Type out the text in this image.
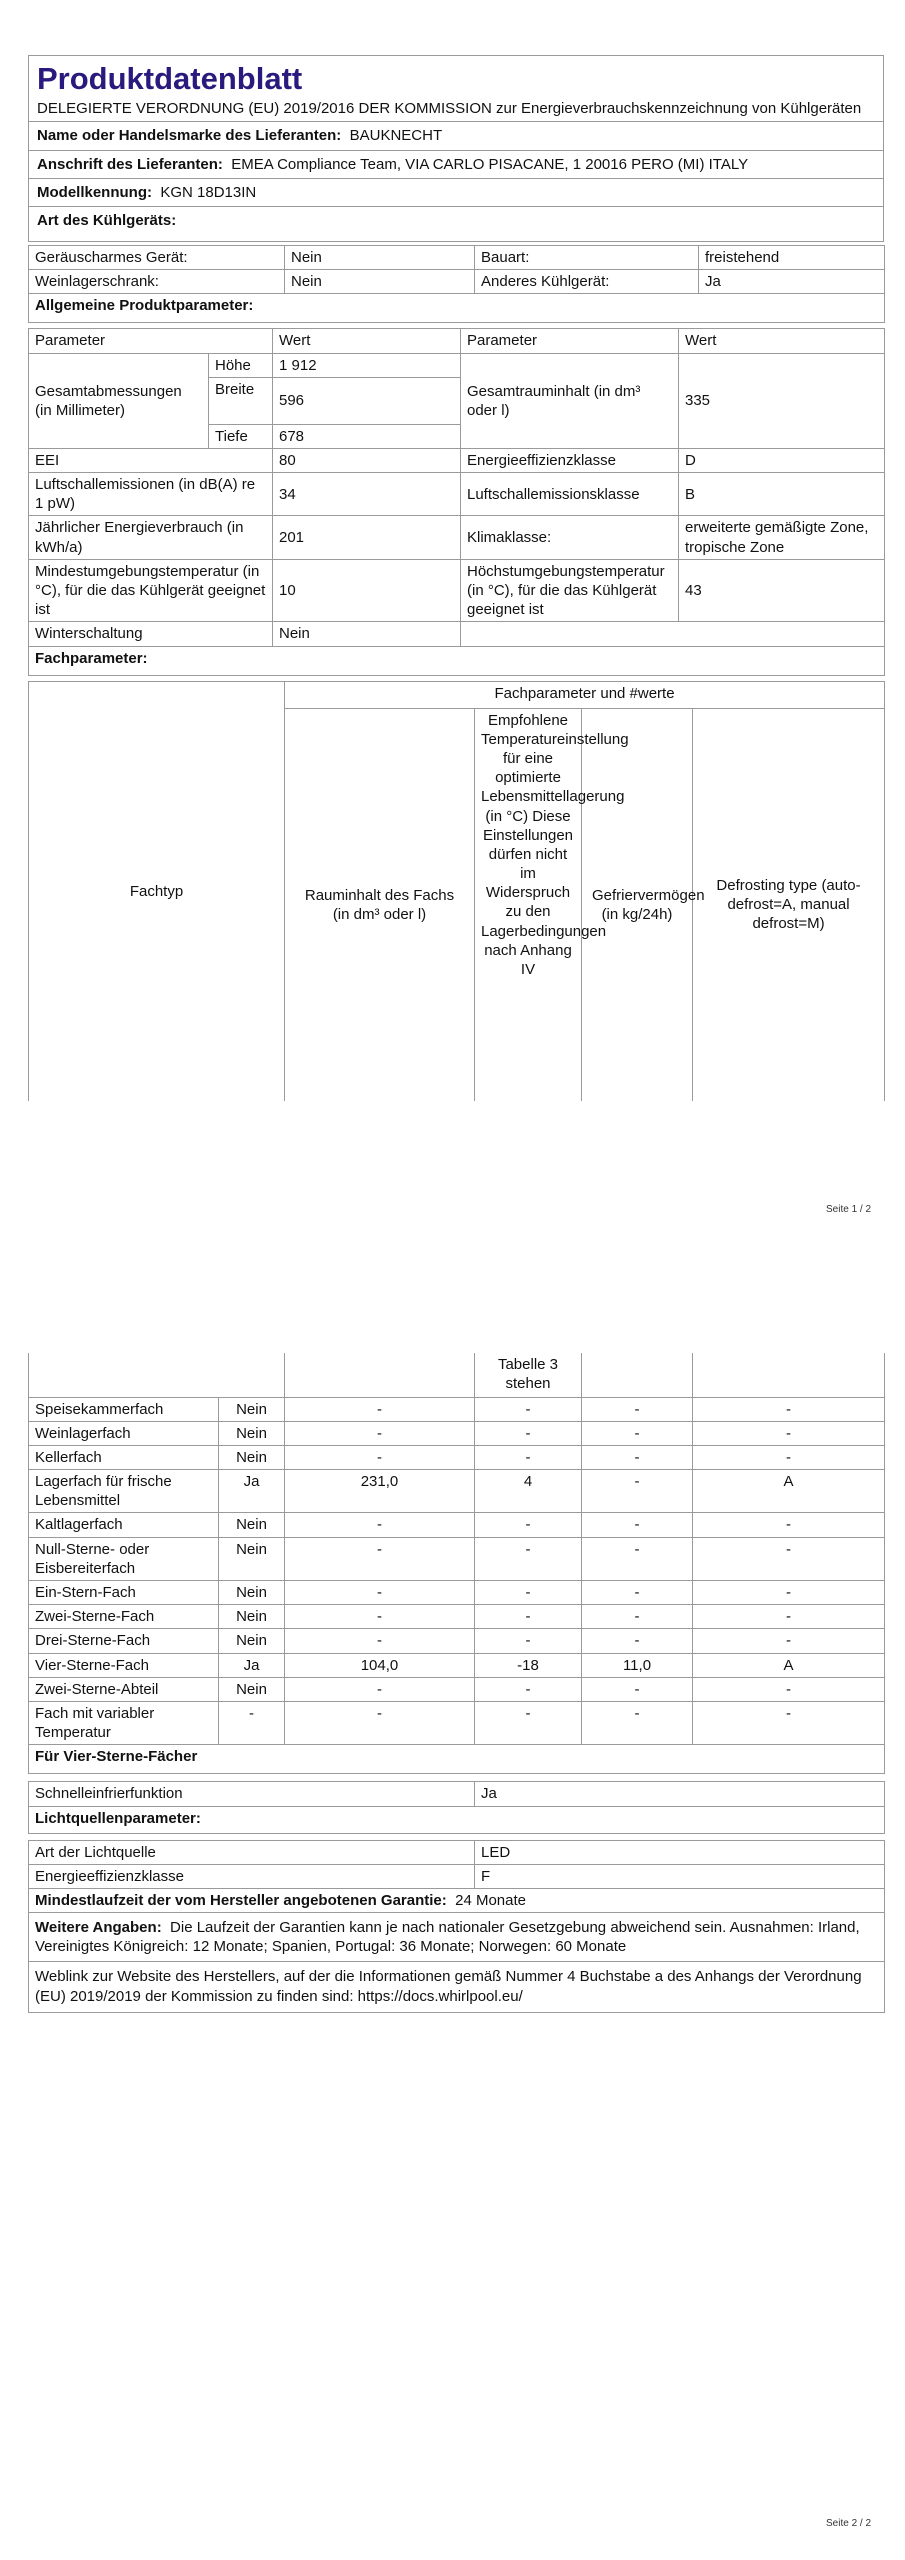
Produktdatenblatt
DELEGIERTE VERORDNUNG (EU) 2019/2016 DER KOMMISSION zur Energieverbrauchskennzeichnung von Kühlgeräten

Name oder Handelsmarke des Lieferanten: BAUKNECHT
Anschrift des Lieferanten: EMEA Compliance Team, VIA CARLO PISACANE, 1 20016 PERO (MI) ITALY
Modellkennung: KGN 18D13IN
Art des Kühlgeräts:
Geräuscharmes Gerät:	Nein	Bauart:	freistehend
Weinlagerschrank:	Nein	Anderes Kühlgerät:	Ja
Allgemeine Produktparameter:			
Parameter		Wert	Parameter	Wert
Gesamtabmessungen (in Millimeter)	Höhe	1 912	Gesamtrauminhalt (in dm³ oder l)	335

	Breite	596		
	Tiefe	678		
EEI		80	Energieeffizienzklasse	D
Luftschallemissionen (in dB(A) re 1 pW)		34	Luftschallemissionsklasse	B
Jährlicher Energieverbrauch (in kWh/a)		201	Klimaklasse:	erweiterte gemäßigte Zone, tropische Zone
Mindestumgebungstemperatur (in °C), für die das Kühlgerät geeignet ist		10	Höchstumgebungstemperatur (in °C), für die das Kühlgerät geeignet ist	43
Winterschaltung		Nein		
Fachparameter:				
Fachtyp	Fachparameter und #werte			
	Rauminhalt des Fachs (in dm³ oder l)	Empfohlene Temperatureinstellung für eine optimierte Lebensmittellagerung (in °C) Diese Einstellungen dürfen nicht im Widerspruch zu den Lagerbedingungen nach Anhang IV	Gefriervermögen (in kg/24h)	Defrosting type (auto-defrost=A, manual defrost=M)
Seite 1 / 2
			Tabelle 3 stehen		
Speisekammerfach	Nein	-	-	-	-
Weinlagerfach	Nein	-	-	-	-
Kellerfach	Nein	-	-	-	-
Lagerfach für frische Lebensmittel	Ja	231,0	4	-	A
Kaltlagerfach	Nein	-	-	-	-
Null-Sterne- oder Eisbereiterfach	Nein	-	-	-	-
Ein-Stern-Fach	Nein	-	-	-	-
Zwei-Sterne-Fach	Nein	-	-	-	-
Drei-Sterne-Fach	Nein	-	-	-	-
Vier-Sterne-Fach	Ja	104,0	-18	11,0	A
Zwei-Sterne-Abteil	Nein	-	-	-	-
Fach mit variabler Temperatur	-	-	-	-	-
Für Vier-Sterne-Fächer
Schnelleinfrierfunktion	Ja
Lichtquellenparameter:
Art der Lichtquelle	LED
Energieeffizienzklasse	F
Mindestlaufzeit der vom Hersteller angebotenen Garantie: 24 Monate	
Weitere Angaben: Die Laufzeit der Garantien kann je nach nationaler Gesetzgebung abweichend sein. Ausnahmen: Irland, Vereinigtes Königreich: 12 Monate; Spanien, Portugal: 36 Monate; Norwegen: 60 Monate	
Weblink zur Website des Herstellers, auf der die Informationen gemäß Nummer 4 Buchstabe a des Anhangs der Verordnung (EU) 2019/2019 der Kommission zu finden sind: https://docs.whirlpool.eu/	
Seite 2 / 2
